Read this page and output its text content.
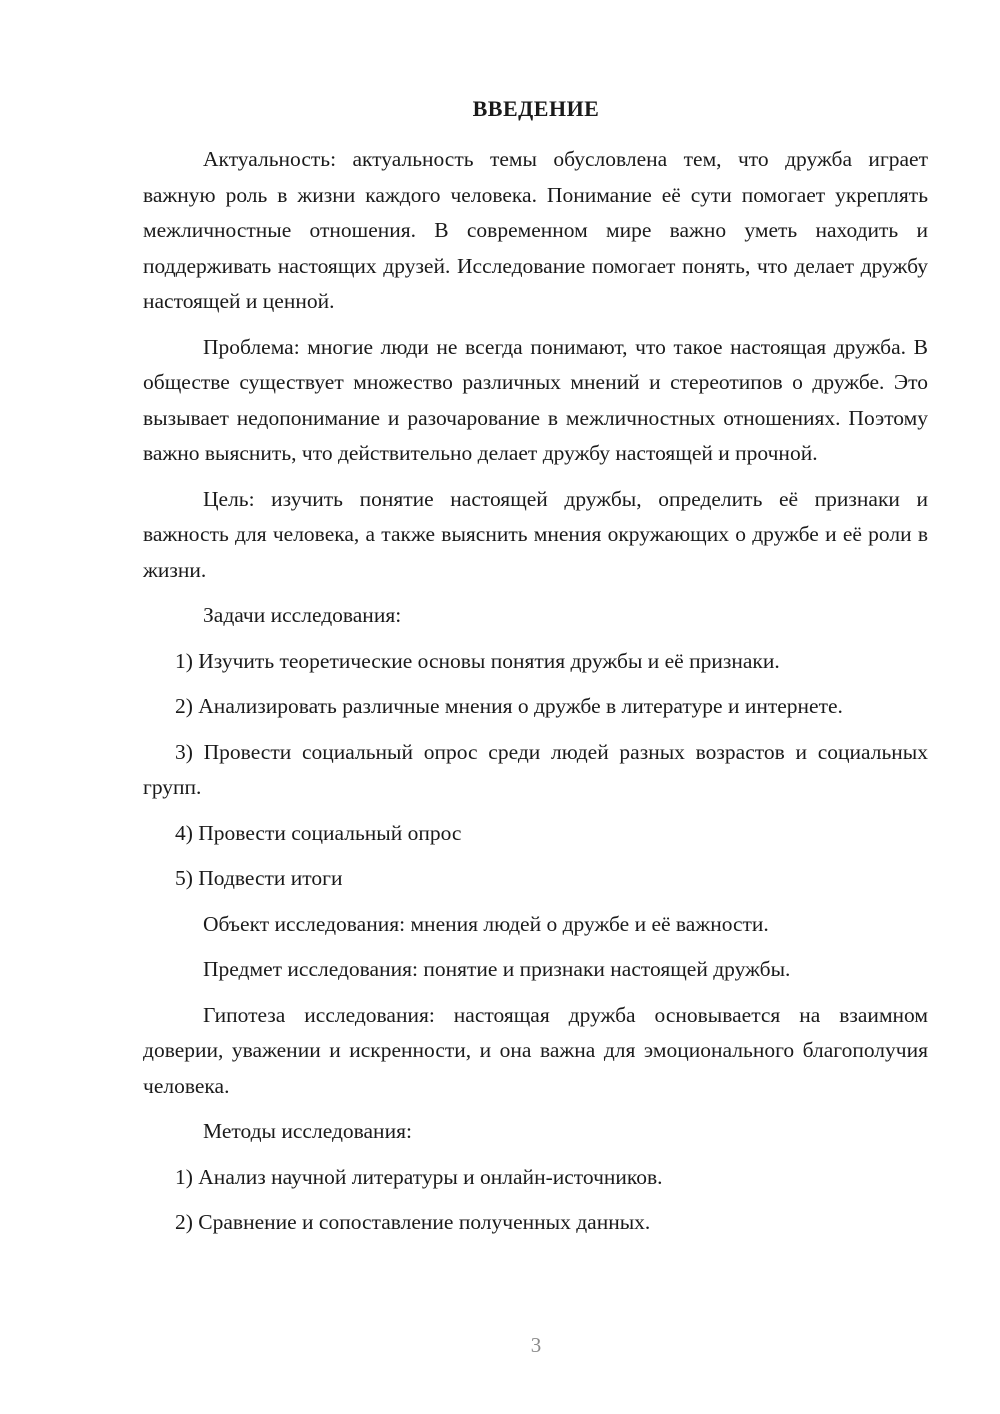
ВВЕДЕНИЕ

Актуальность: актуальность темы обусловлена тем, что дружба играет важную роль в жизни каждого человека. Понимание её сути помогает укреплять межличностные отношения. В современном мире важно уметь находить и поддерживать настоящих друзей. Исследование помогает понять, что делает дружбу настоящей и ценной.

Проблема: многие люди не всегда понимают, что такое настоящая дружба. В обществе существует множество различных мнений и стереотипов о дружбе. Это вызывает недопонимание и разочарование в межличностных отношениях. Поэтому важно выяснить, что действительно делает дружбу настоящей и прочной.

Цель: изучить понятие настоящей дружбы, определить её признаки и важность для человека, а также выяснить мнения окружающих о дружбе и её роли в жизни.

Задачи исследования:

1) Изучить теоретические основы понятия дружбы и её признаки.

2) Анализировать различные мнения о дружбе в литературе и интернете.

3) Провести социальный опрос среди людей разных возрастов и социальных групп.

4) Провести социальный опрос

5) Подвести итоги

Объект исследования: мнения людей о дружбе и её важности.

Предмет исследования: понятие и признаки настоящей дружбы.

Гипотеза исследования: настоящая дружба основывается на взаимном доверии, уважении и искренности, и она важна для эмоционального благополучия человека.

Методы исследования:

1) Анализ научной литературы и онлайн-источников.

2) Сравнение и сопоставление полученных данных.

3
